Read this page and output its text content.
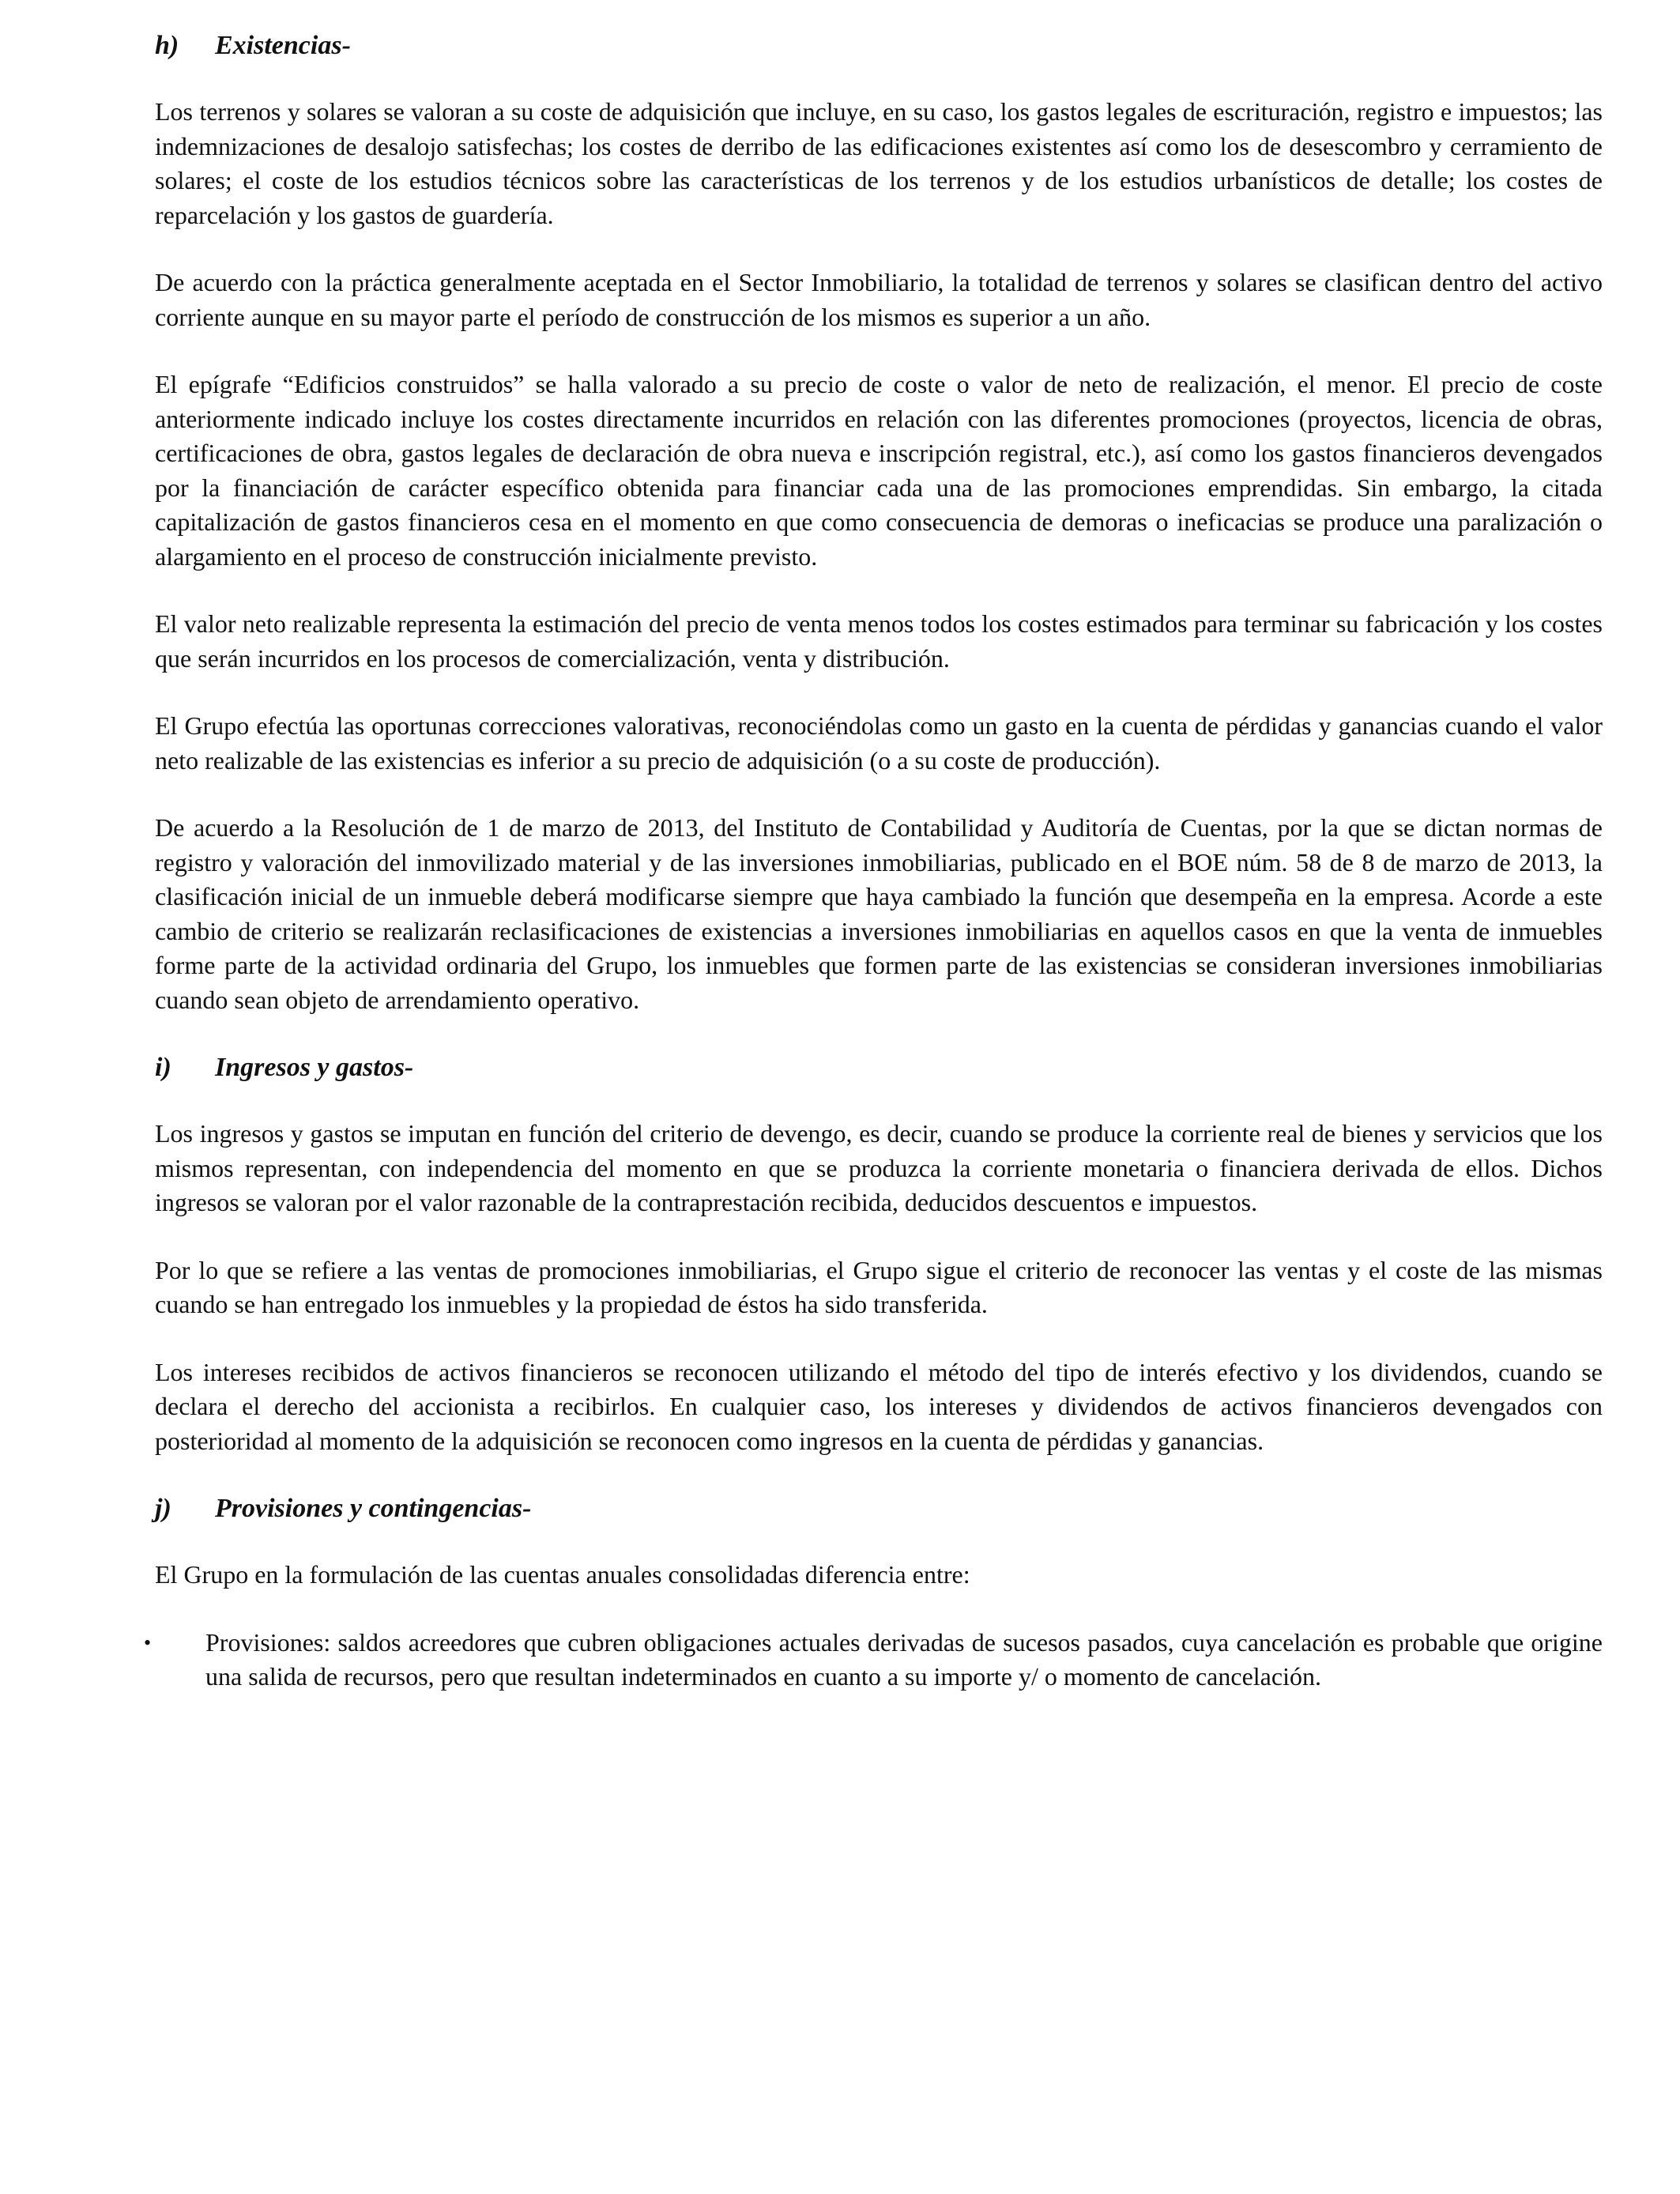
h)	Existencias-

Los terrenos y solares se valoran a su coste de adquisición que incluye, en su caso, los gastos legales de escrituración, registro e impuestos; las indemnizaciones de desalojo satisfechas; los costes de derribo de las edificaciones existentes así como los de desescombro y cerramiento de solares; el coste de los estudios técnicos sobre las características de los terrenos y de los estudios urbanísticos de detalle; los costes de reparcelación y los gastos de guardería.

De acuerdo con la práctica generalmente aceptada en el Sector Inmobiliario, la totalidad de terrenos y solares se clasifican dentro del activo corriente aunque en su mayor parte el período de construcción de los mismos es superior a un año.

El epígrafe “Edificios construidos” se halla valorado a su precio de coste o valor de neto de realización, el menor. El precio de coste anteriormente indicado incluye los costes directamente incurridos en relación con las diferentes promociones (proyectos, licencia de obras, certificaciones de obra, gastos legales de declaración de obra nueva e inscripción registral, etc.), así como los gastos financieros devengados por la financiación de carácter específico obtenida para financiar cada una de las promociones emprendidas. Sin embargo, la citada capitalización de gastos financieros cesa en el momento en que como consecuencia de demoras o ineficacias se produce una paralización o alargamiento en el proceso de construcción inicialmente previsto.

El valor neto realizable representa la estimación del precio de venta menos todos los costes estimados para terminar su fabricación y los costes que serán incurridos en los procesos de comercialización, venta y distribución.

El Grupo efectúa las oportunas correcciones valorativas, reconociéndolas como un gasto en la cuenta de pérdidas y ganancias cuando el valor neto realizable de las existencias es inferior a su precio de adquisición (o a su coste de producción).

De acuerdo a la Resolución de 1 de marzo de 2013, del Instituto de Contabilidad y Auditoría de Cuentas, por la que se dictan normas de registro y valoración del inmovilizado material y de las inversiones inmobiliarias, publicado en el BOE núm. 58 de 8 de marzo de 2013, la clasificación inicial de un inmueble deberá modificarse siempre que haya cambiado la función que desempeña en la empresa. Acorde a este cambio de criterio se realizarán reclasificaciones de existencias a inversiones inmobiliarias en aquellos casos en que la venta de inmuebles forme parte de la actividad ordinaria del Grupo, los inmuebles que formen parte de las existencias se consideran inversiones inmobiliarias cuando sean objeto de arrendamiento operativo.

i)	Ingresos y gastos-

Los ingresos y gastos se imputan en función del criterio de devengo, es decir, cuando se produce la corriente real de bienes y servicios que los mismos representan, con independencia del momento en que se produzca la corriente monetaria o financiera derivada de ellos. Dichos ingresos se valoran por el valor razonable de la contraprestación recibida, deducidos descuentos e impuestos.

Por lo que se refiere a las ventas de promociones inmobiliarias, el Grupo sigue el criterio de reconocer las ventas y el coste de las mismas cuando se han entregado los inmuebles y la propiedad de éstos ha sido transferida.

Los intereses recibidos de activos financieros se reconocen utilizando el método del tipo de interés efectivo y los dividendos, cuando se declara el derecho del accionista a recibirlos. En cualquier caso, los intereses y dividendos de activos financieros devengados con posterioridad al momento de la adquisición se reconocen como ingresos en la cuenta de pérdidas y ganancias.

j)	Provisiones y contingencias-

El Grupo en la formulación de las cuentas anuales consolidadas diferencia entre:

• Provisiones: saldos acreedores que cubren obligaciones actuales derivadas de sucesos pasados, cuya cancelación es probable que origine una salida de recursos, pero que resultan indeterminados en cuanto a su importe y/ o momento de cancelación.
